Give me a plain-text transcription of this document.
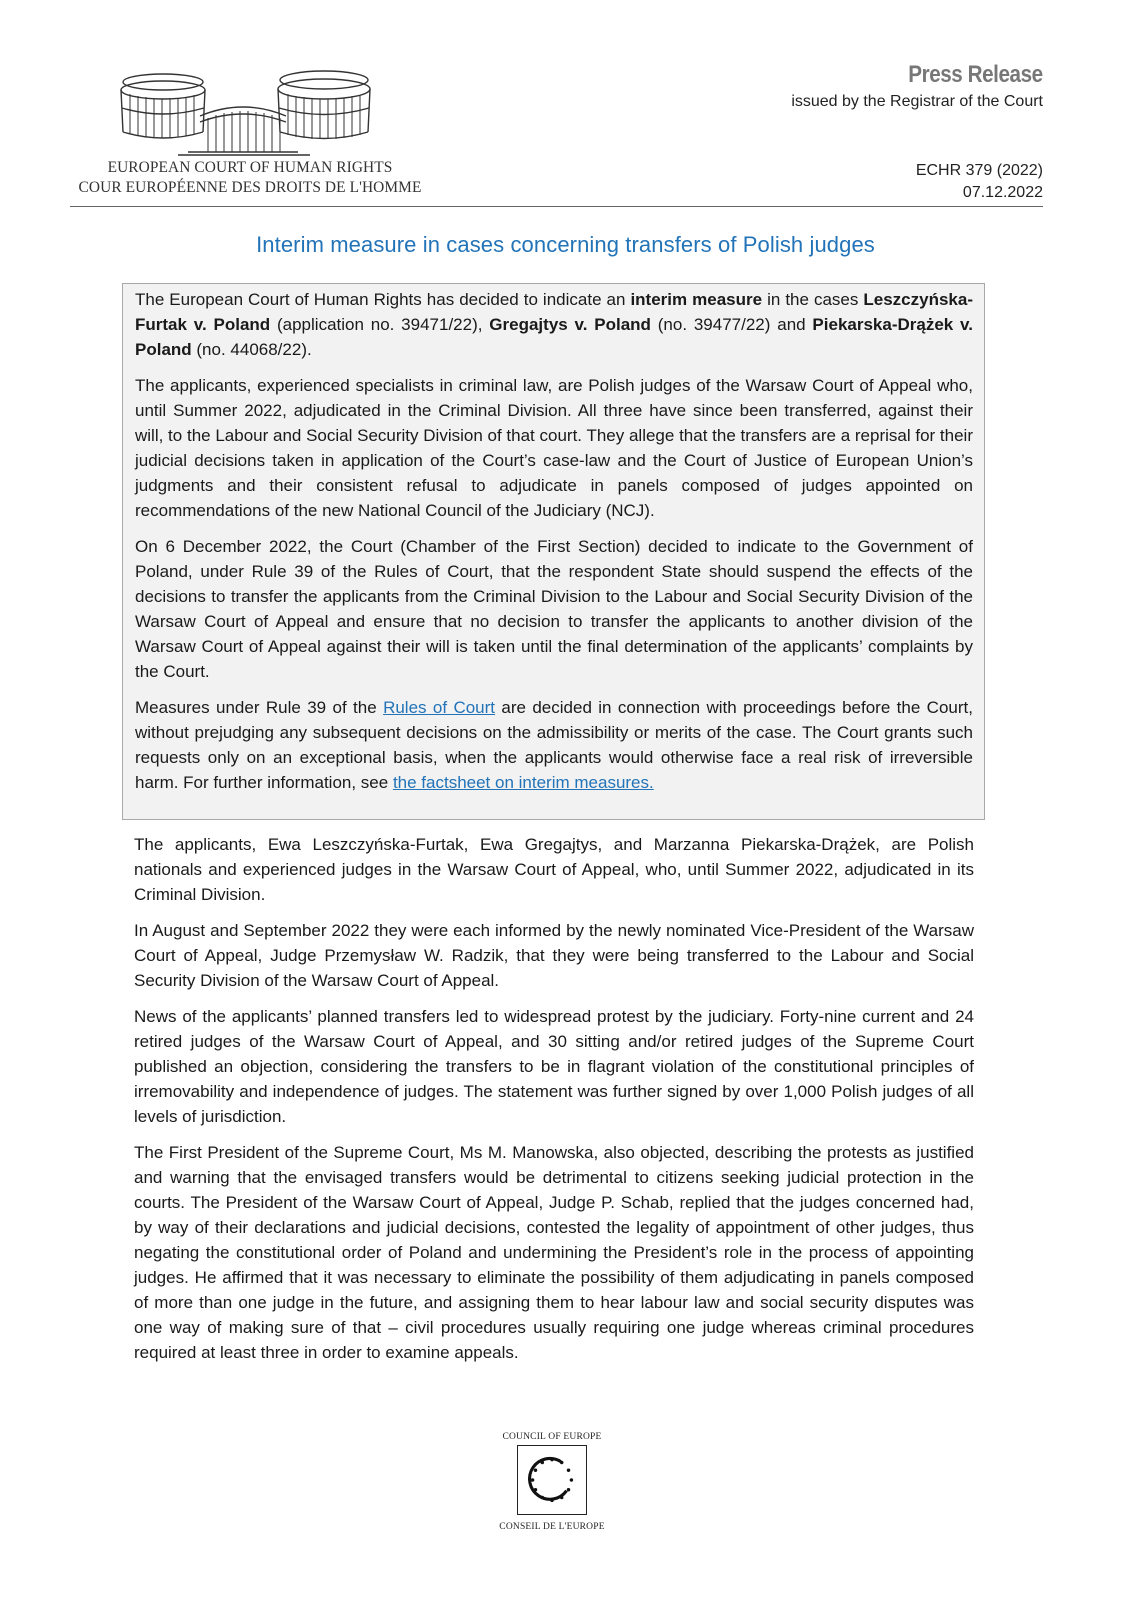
EUROPEAN COURT OF HUMAN RIGHTS
COUR EUROPÉENNE DES DROITS DE L'HOMME
Press Release
issued by the Registrar of the Court
ECHR 379 (2022)
07.12.2022
Interim measure in cases concerning transfers of Polish judges

The European Court of Human Rights has decided to indicate an interim measure in the cases Leszczyńska-Furtak v. Poland (application no. 39471/22), Gregajtys v. Poland (no. 39477/22) and Piekarska-Drążek v. Poland (no. 44068/22).

The applicants, experienced specialists in criminal law, are Polish judges of the Warsaw Court of Appeal who, until Summer 2022, adjudicated in the Criminal Division. All three have since been transferred, against their will, to the Labour and Social Security Division of that court. They allege that the transfers are a reprisal for their judicial decisions taken in application of the Court’s case-law and the Court of Justice of European Union’s judgments and their consistent refusal to adjudicate in panels composed of judges appointed on recommendations of the new National Council of the Judiciary (NCJ).

On 6 December 2022, the Court (Chamber of the First Section) decided to indicate to the Government of Poland, under Rule 39 of the Rules of Court, that the respondent State should suspend the effects of the decisions to transfer the applicants from the Criminal Division to the Labour and Social Security Division of the Warsaw Court of Appeal and ensure that no decision to transfer the applicants to another division of the Warsaw Court of Appeal against their will is taken until the final determination of the applicants’ complaints by the Court.

Measures under Rule 39 of the Rules of Court are decided in connection with proceedings before the Court, without prejudging any subsequent decisions on the admissibility or merits of the case. The Court grants such requests only on an exceptional basis, when the applicants would otherwise face a real risk of irreversible harm. For further information, see the factsheet on interim measures.

The applicants, Ewa Leszczyńska-Furtak, Ewa Gregajtys, and Marzanna Piekarska-Drążek, are Polish nationals and experienced judges in the Warsaw Court of Appeal, who, until Summer 2022, adjudicated in its Criminal Division.

In August and September 2022 they were each informed by the newly nominated Vice-President of the Warsaw Court of Appeal, Judge Przemysław W. Radzik, that they were being transferred to the Labour and Social Security Division of the Warsaw Court of Appeal.

News of the applicants’ planned transfers led to widespread protest by the judiciary. Forty-nine current and 24 retired judges of the Warsaw Court of Appeal, and 30 sitting and/or retired judges of the Supreme Court published an objection, considering the transfers to be in flagrant violation of the constitutional principles of irremovability and independence of judges. The statement was further signed by over 1,000 Polish judges of all levels of jurisdiction.

The First President of the Supreme Court, Ms M. Manowska, also objected, describing the protests as justified and warning that the envisaged transfers would be detrimental to citizens seeking judicial protection in the courts. The President of the Warsaw Court of Appeal, Judge P. Schab, replied that the judges concerned had, by way of their declarations and judicial decisions, contested the legality of appointment of other judges, thus negating the constitutional order of Poland and undermining the President’s role in the process of appointing judges. He affirmed that it was necessary to eliminate the possibility of them adjudicating in panels composed of more than one judge in the future, and assigning them to hear labour law and social security disputes was one way of making sure of that – civil procedures usually requiring one judge whereas criminal procedures required at least three in order to examine appeals.

COUNCIL OF EUROPE
CONSEIL DE L'EUROPE
